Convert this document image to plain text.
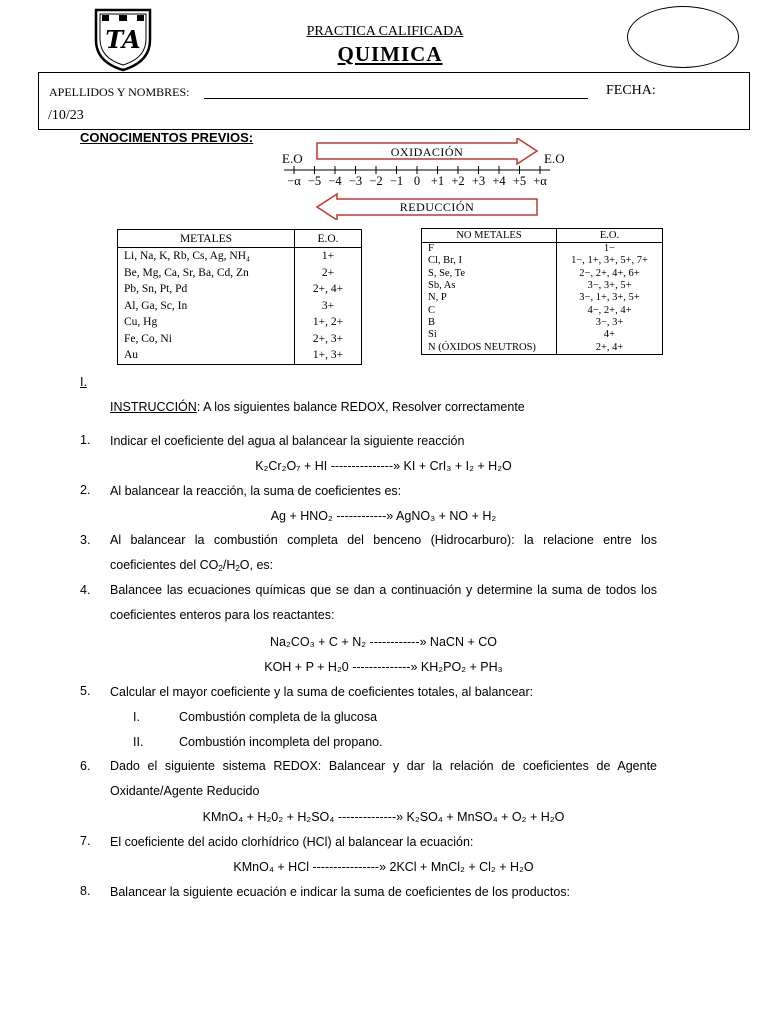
TA	PRACTICA CALIFICADA
QUIMICA
APELLIDOS Y NOMBRES:	FECHA:
/10/23
CONOCIMENTOS PREVIOS:
E.O	E.O
OXIDACIÓN
−α −5 −4 −3 −2 −1 0 +1 +2 +3 +4 +5 +α
REDUCCIÓN
METALES	E.O.
Li, Na, K, Rb, Cs, Ag, NH₄	1+
Be, Mg, Ca, Sr, Ba, Cd, Zn	2+
Pb, Sn, Pt, Pd	2+, 4+
Al, Ga, Sc, In	3+
Cu, Hg	1+, 2+
Fe, Co, Ni	2+, 3+
Au	1+, 3+
NO METALES	E.O.
F	1−
Cl, Br, I	1−, 1+, 3+, 5+, 7+
S, Se, Te	2−, 2+, 4+, 6+
Sb, As	3−, 3+, 5+
N, P	3−, 1+, 3+, 5+
C	4−, 2+, 4+
B	3−, 3+
Si	4+
N (ÓXIDOS NEUTROS)	2+, 4+
I.
INSTRUCCIÓN: A los siguientes balance REDOX, Resolver correctamente
1. Indicar el coeficiente del agua al balancear la siguiente reacción
K₂Cr₂O₇ + HI ---------------» KI + CrI₃ + I₂ + H₂O
2. Al balancear la reacción, la suma de coeficientes es:
Ag + HNO₂ ------------» AgNO₃ + NO + H₂
3. Al balancear la combustión completa del benceno (Hidrocarburo): la relacione entre los
coeficientes del $CO_2/H_2O$, es:
4. Balancee las ecuaciones químicas que se dan a continuación y determine la suma de todos los
coeficientes enteros para los reactantes:
Na₂CO₃ + C + N₂ ------------» NaCN + CO
KOH + P + H₂0 --------------» KH₂PO₂ + PH₃
5. Calcular el mayor coeficiente y la suma de coeficientes totales, al balancear:
I.	Combustión completa de la glucosa
II.	Combustión incompleta del propano.
6. Dado el siguiente sistema REDOX: Balancear y dar la relación de coeficientes de Agente
Oxidante/Agente Reducido
KMnO₄ + H₂0₂ + H₂SO₄ --------------» K₂SO₄ + MnSO₄ + O₂ + H₂O
7. El coeficiente del acido clorhídrico (HCl) al balancear la ecuación:
KMnO₄ + HCl ----------------» 2KCl + MnCl₂ + Cl₂ + H₂O
8. Balancear la siguiente ecuación e indicar la suma de coeficientes de los productos:
